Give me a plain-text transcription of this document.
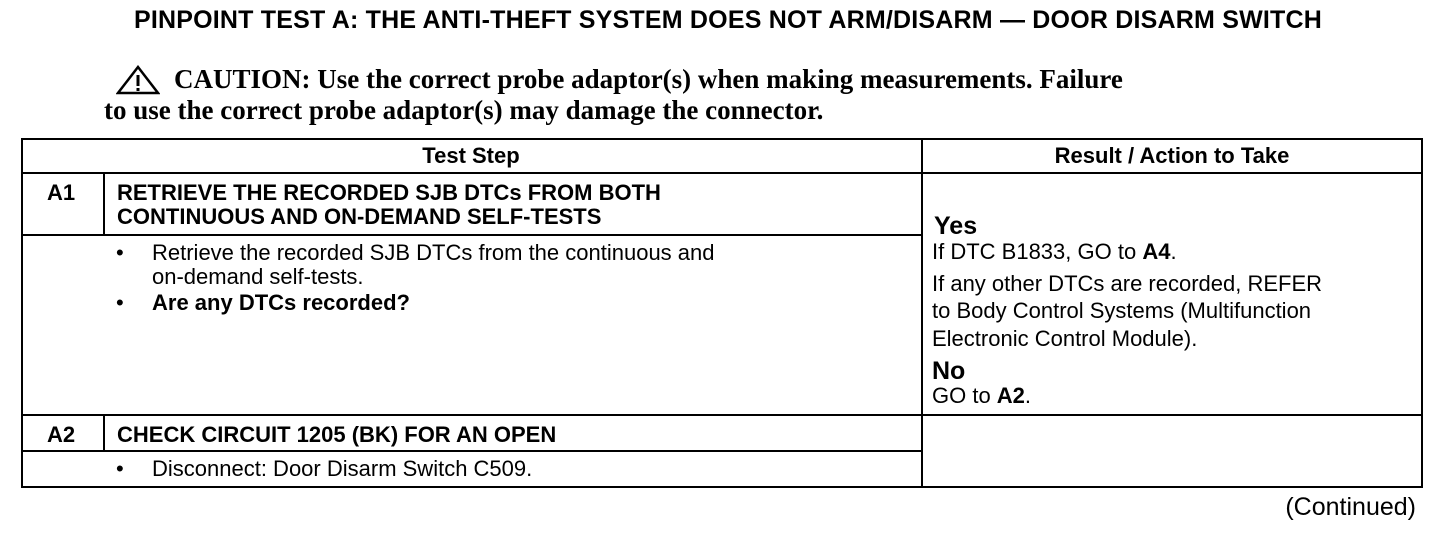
PINPOINT TEST A: THE ANTI-THEFT SYSTEM DOES NOT ARM/DISARM — DOOR DISARM SWITCH
CAUTION: Use the correct probe adaptor(s) when making measurements. Failure
to use the correct probe adaptor(s) may damage the connector.
Test Step	Result / Action to Take
A1 RETRIEVE THE RECORDED SJB DTCs FROM BOTH
CONTINUOUS AND ON-DEMAND SELF-TESTS
• Retrieve the recorded SJB DTCs from the continuous and
on-demand self-tests.
• Are any DTCs recorded?
Yes
If DTC B1833, GO to A4.
If any other DTCs are recorded, REFER
to Body Control Systems (Multifunction
Electronic Control Module).
No
GO to A2.
A2 CHECK CIRCUIT 1205 (BK) FOR AN OPEN
• Disconnect: Door Disarm Switch C509.
(Continued)
